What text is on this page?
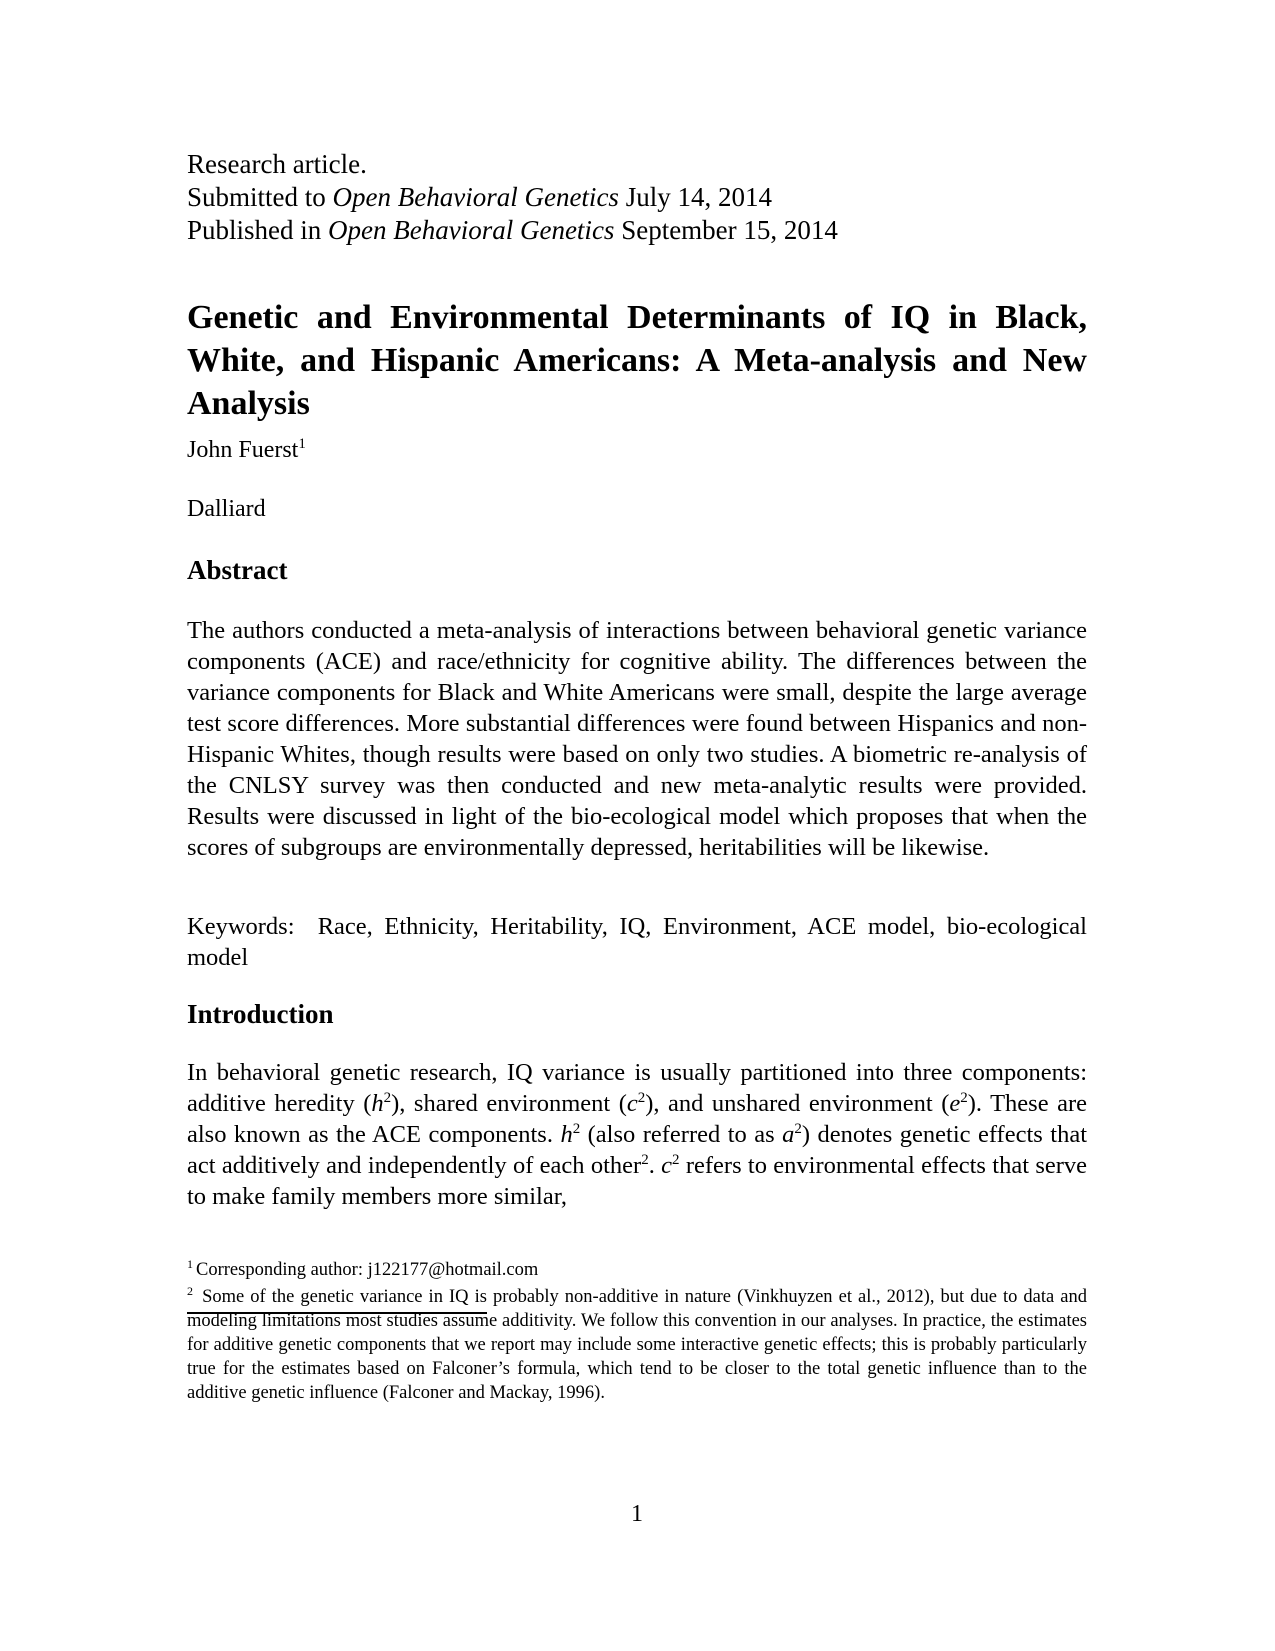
Research article.
Submitted to Open Behavioral Genetics July 14, 2014
Published in Open Behavioral Genetics September 15, 2014
Genetic and Environmental Determinants of IQ in Black, White, and Hispanic Americans: A Meta-analysis and New Analysis
John Fuerst$^1$
Dalliard
Abstract

The authors conducted a meta-analysis of interactions between behavioral genetic variance components (ACE) and race/ethnicity for cognitive ability. The differences between the variance components for Black and White Americans were small, despite the large average test score differences. More substantial differences were found between Hispanics and non-Hispanic Whites, though results were based on only two studies. A biometric re-analysis of the CNLSY survey was then conducted and new meta-analytic results were provided. Results were discussed in light of the bio-ecological model which proposes that when the scores of subgroups are environmentally depressed, heritabilities will be likewise.

Keywords: Race, Ethnicity, Heritability, IQ, Environment, ACE model, bio-ecological model

Introduction

In behavioral genetic research, IQ variance is usually partitioned into three components: additive heredity $(h^2)$, shared environment $(c^2)$, and unshared environment $(e^2)$. These are also known as the ACE components. $h^2$ (also referred to as $a^2$) denotes genetic effects that act additively and independently of each other$^2$. $c^2$ refers to environmental effects that serve to make family members more similar,

$^1$ Corresponding author: j122177@hotmail.com

$^2$ Some of the genetic variance in IQ is probably non-additive in nature (Vinkhuyzen et al., 2012), but due to data and modeling limitations most studies assume additivity. We follow this convention in our analyses. In practice, the estimates for additive genetic components that we report may include some interactive genetic effects; this is probably particularly true for the estimates based on Falconer’s formula, which tend to be closer to the total genetic influence than to the additive genetic influence (Falconer and Mackay, 1996).

1
